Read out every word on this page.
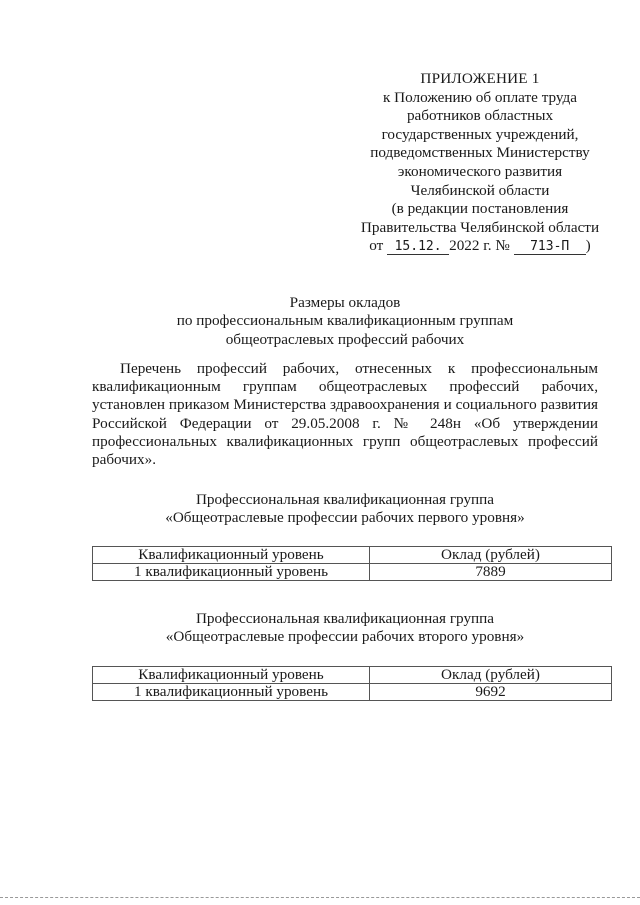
ПРИЛОЖЕНИЕ 1
к Положению об оплате труда
работников областных
государственных учреждений,
подведомственных Министерству
экономического развития
Челябинской области
(в редакции постановления
Правительства Челябинской области
от 15.12. 2022 г. № 713-П )
Размеры окладов
по профессиональным квалификационным группам
общеотраслевых профессий рабочих

Перечень профессий рабочих, отнесенных к профессиональным квалификационным группам общеотраслевых профессий рабочих, установлен приказом Министерства здравоохранения и социального развития Российской Федерации от 29.05.2008 г. № 248н «Об утверждении профессиональных квалификационных групп общеотраслевых профессий рабочих».

Профессиональная квалификационная группа
«Общеотраслевые профессии рабочих первого уровня»
Квалификационный уровень	Оклад (рублей)
1 квалификационный уровень	7889
Профессиональная квалификационная группа
«Общеотраслевые профессии рабочих второго уровня»
Квалификационный уровень	Оклад (рублей)
1 квалификационный уровень	9692
